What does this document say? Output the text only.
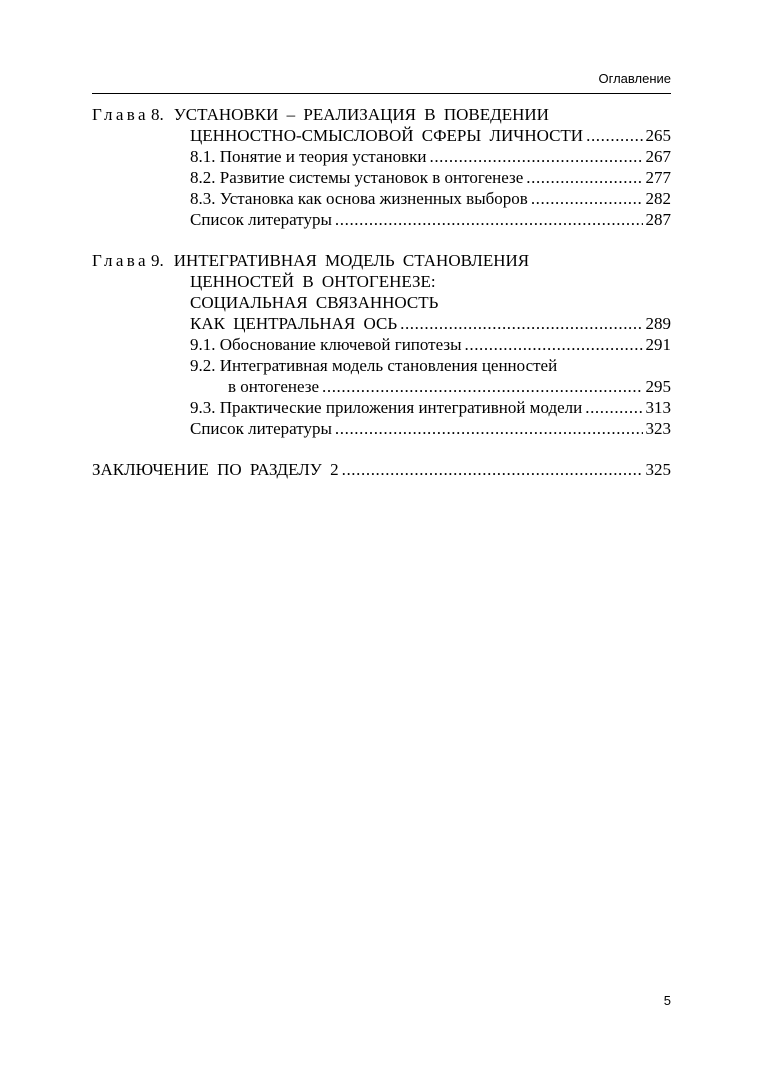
Оглавление
Глава 8. УСТАНОВКИ – РЕАЛИЗАЦИЯ В ПОВЕДЕНИИ
ЦЕННОСТНО-СМЫСЛОВОЙ СФЕРЫ ЛИЧНОСТИ .....	265
8.1. Понятие и теория установки .....	267
8.2. Развитие системы установок в онтогенезе .....	277
8.3. Установка как основа жизненных выборов .....	282
Список литературы .....	287
Глава 9. ИНТЕГРАТИВНАЯ МОДЕЛЬ СТАНОВЛЕНИЯ
ЦЕННОСТЕЙ В ОНТОГЕНЕЗЕ:
СОЦИАЛЬНАЯ СВЯЗАННОСТЬ
КАК ЦЕНТРАЛЬНАЯ ОСЬ .....	289
9.1. Обоснование ключевой гипотезы .....	291
9.2. Интегративная модель становления ценностей
в онтогенезе .....	295
9.3. Практические приложения интегративной модели .....	313
Список литературы .....	323
ЗАКЛЮЧЕНИЕ ПО РАЗДЕЛУ 2 .....	325
5
